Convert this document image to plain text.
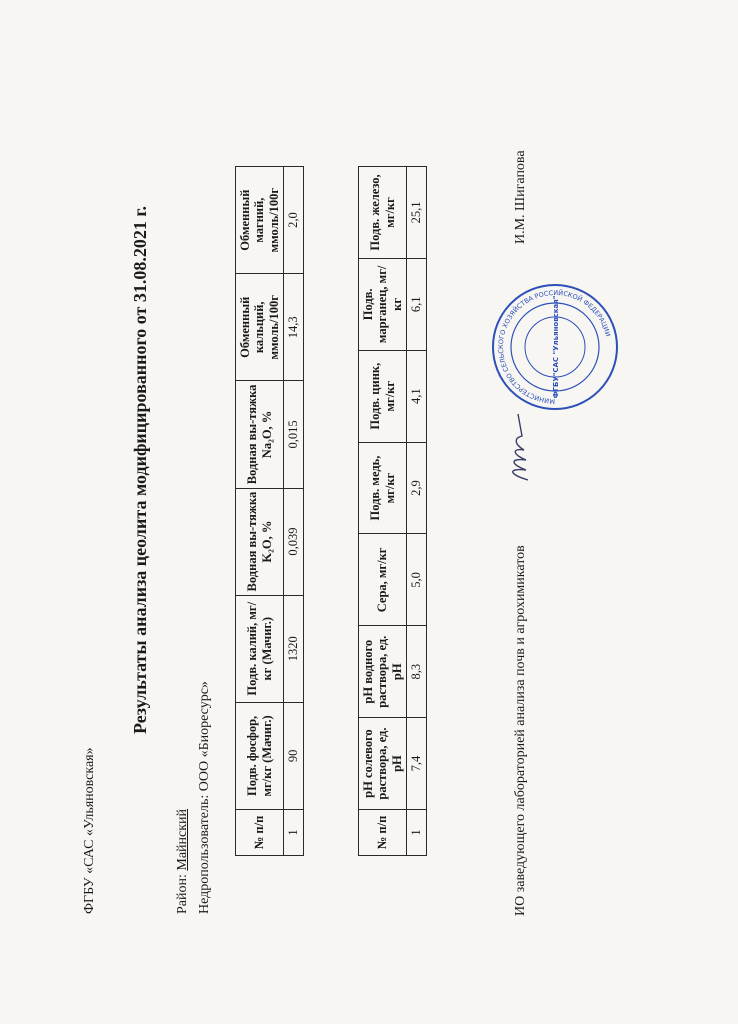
ФГБУ «САС «Ульяновская»
Результаты анализа цеолита модифицированного от 31.08.2021 г.
Район: Майнский Недропользователь: ООО «Биоресурс»	№ п/п	Подв. фосфор, мг/кг (Мачиг.)	Подв. калий, мг/кг (Мачиг.)	Водная вы-тяжка K₂O, %	Водная вы-тяжка Na₂O, %	Обменный кальций, ммоль/100г	Обменный магний, ммоль/100г
1	90	1320	0,039	0,015	14,3	2,0
№ п/п	pH солевого раствора, ед. pH	pH водного раствора, ед. pH	Сера, мг/кг	Подв. медь, мг/кг	Подв. цинк, мг/кг	Подв. марганец, мг/кг	Подв. железо, мг/кг
1	7,4	8,3	5,0	2,9	4,1	6,1	25,1
ИО заведующего лабораторией анализа почв и агрохимикатов
МИНИСТЕРСТВО СЕЛЬСКОГО ХОЗЯЙСТВА РОССИЙСКОЙ ФЕДЕРАЦИИ
ФГБУ"САС "Ульяновская"
И.М. Шигапова
